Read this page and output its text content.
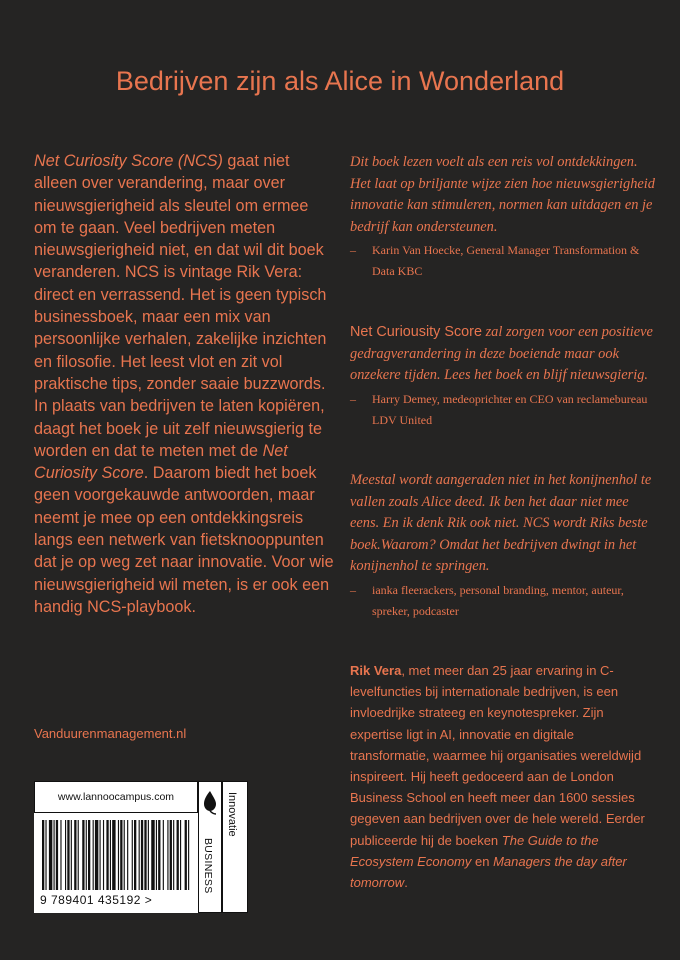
Bedrijven zijn als Alice in Wonderland

Net Curiosity Score (NCS) gaat niet alleen over verandering, maar over nieuwsgierigheid als sleutel om ermee om te gaan. Veel bedrijven meten nieuwsgierigheid niet, en dat wil dit boek veranderen. NCS is vintage Rik Vera: direct en verrassend. Het is geen typisch businessboek, maar een mix van persoonlijke verhalen, zakelijke inzichten en filosofie. Het leest vlot en zit vol praktische tips, zonder saaie buzzwords. In plaats van bedrijven te laten kopiëren, daagt het boek je uit zelf nieuwsgierig te worden en dat te meten met de Net Curiosity Score. Daarom biedt het boek geen voorgekauwde antwoorden, maar neemt je mee op een ontdekkingsreis langs een netwerk van fietsknooppunten dat je op weg zet naar innovatie. Voor wie nieuwsgierigheid wil meten, is er ook een handig NCS-playbook.

Vanduurenmanagement.nl
Dit boek lezen voelt als een reis vol ontdekkingen. Het laat op briljante wijze zien hoe nieuwsgierigheid innovatie kan stimuleren, normen kan uitdagen en je bedrijf kan ondersteunen.
– Karin Van Hoecke, General Manager Transformation & Data KBC
Net Curiousity Score zal zorgen voor een positieve gedragverandering in deze boeiende maar ook onzekere tijden. Lees het boek en blijf nieuwsgierig.
– Harry Demey, medeoprichter en CEO van reclamebureau LDV United
Meestal wordt aangeraden niet in het konijnenhol te vallen zoals Alice deed. Ik ben het daar niet mee eens. En ik denk Rik ook niet. NCS wordt Riks beste boek.Waarom? Omdat het bedrijven dwingt in het konijnenhol te springen.
– ianka fleerackers, personal branding, mentor, auteur, spreker, podcaster
Rik Vera, met meer dan 25 jaar ervaring in C-levelfuncties bij internationale bedrijven, is een invloedrijke strateeg en keynotespreker. Zijn expertise ligt in AI, innovatie en digitale transformatie, waarmee hij organisaties wereldwijd inspireert. Hij heeft gedoceerd aan de London Business School en heeft meer dan 1600 sessies gegeven aan bedrijven over de hele wereld. Eerder publiceerde hij de boeken The Guide to the Ecosystem Economy en Managers the day after tomorrow.
www.lannoocampus.com
9 789401 435192 >
Innovatie
BUSINESS
